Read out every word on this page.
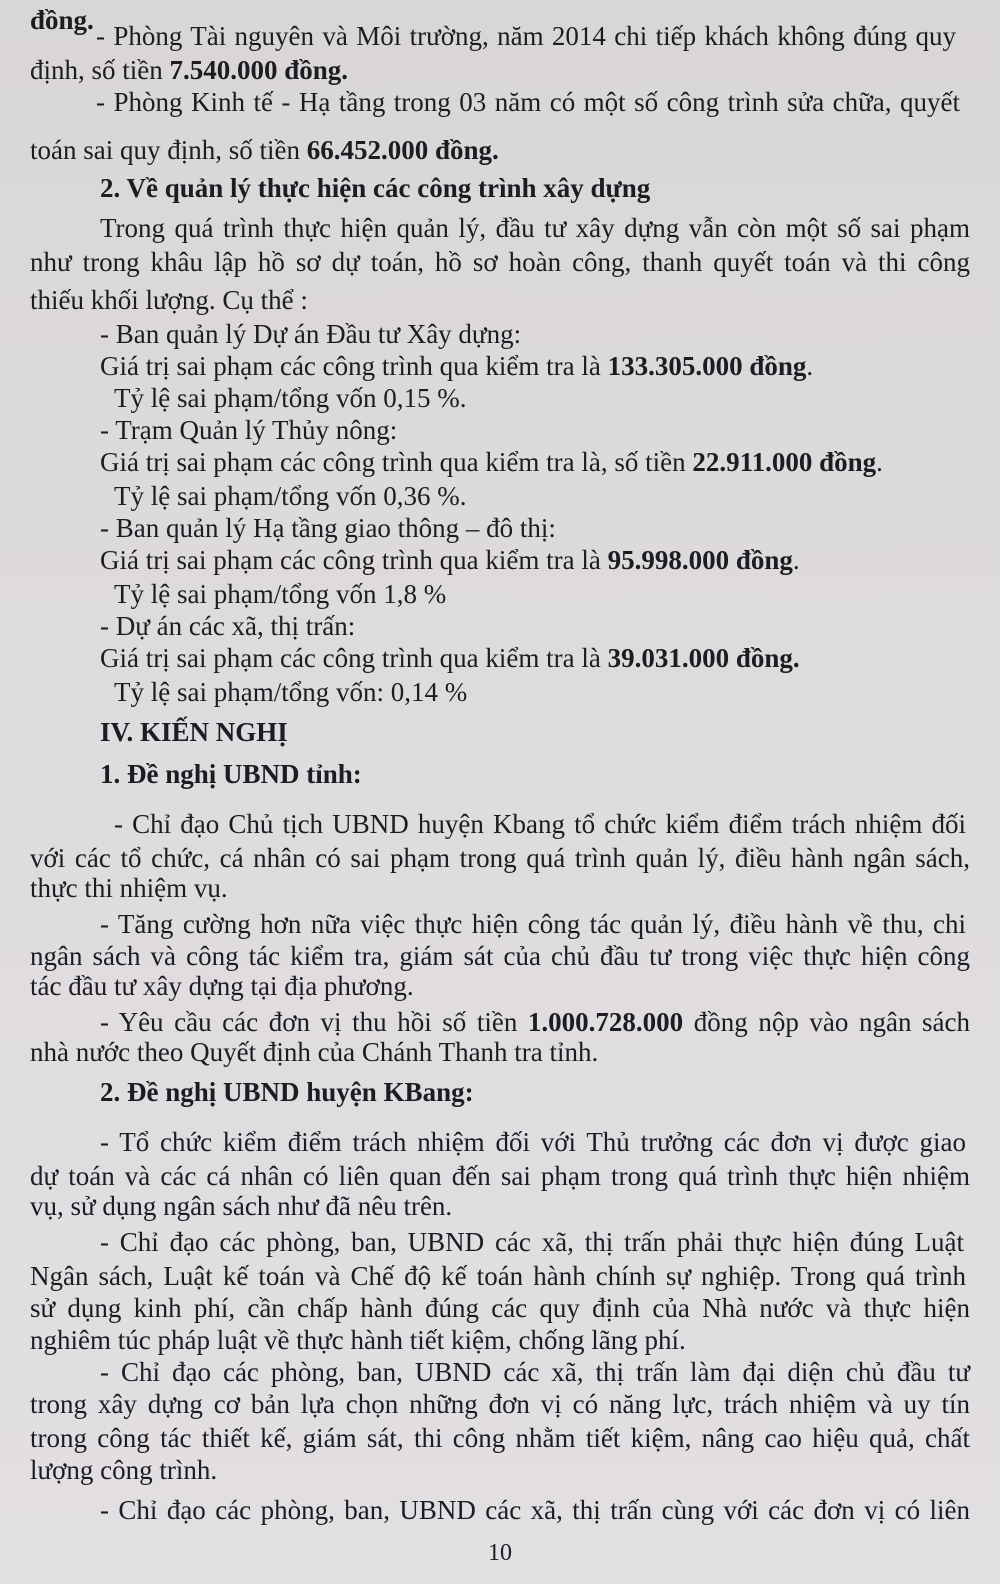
đồng.
- Phòng Tài nguyên và Môi trường, năm 2014 chi tiếp khách không đúng quy
định, số tiền 7.540.000 đồng.
- Phòng Kinh tế - Hạ tầng trong 03 năm có một số công trình sửa chữa, quyết
toán sai quy định, số tiền 66.452.000 đồng.
2. Về quản lý thực hiện các công trình xây dựng
Trong quá trình thực hiện quản lý, đầu tư xây dựng vẫn còn một số sai phạm
như trong khâu lập hồ sơ dự toán, hồ sơ hoàn công, thanh quyết toán và thi công
thiếu khối lượng. Cụ thể :
- Ban quản lý Dự án Đầu tư Xây dựng:
Giá trị sai phạm các công trình qua kiểm tra là 133.305.000 đồng.
Tỷ lệ sai phạm/tổng vốn 0,15 %.
- Trạm Quản lý Thủy nông:
Giá trị sai phạm các công trình qua kiểm tra là, số tiền 22.911.000 đồng.
Tỷ lệ sai phạm/tổng vốn 0,36 %.
- Ban quản lý Hạ tầng giao thông – đô thị:
Giá trị sai phạm các công trình qua kiểm tra là 95.998.000 đồng.
Tỷ lệ sai phạm/tổng vốn 1,8 %
- Dự án các xã, thị trấn:
Giá trị sai phạm các công trình qua kiểm tra là 39.031.000 đồng.
Tỷ lệ sai phạm/tổng vốn: 0,14 %
IV. KIẾN NGHỊ
1. Đề nghị UBND tỉnh:
- Chỉ đạo Chủ tịch UBND huyện Kbang tổ chức kiểm điểm trách nhiệm đối
với các tổ chức, cá nhân có sai phạm trong quá trình quản lý, điều hành ngân sách,
thực thi nhiệm vụ.
- Tăng cường hơn nữa việc thực hiện công tác quản lý, điều hành về thu, chi
ngân sách và công tác kiểm tra, giám sát của chủ đầu tư trong việc thực hiện công
tác đầu tư xây dựng tại địa phương.
- Yêu cầu các đơn vị thu hồi số tiền 1.000.728.000 đồng nộp vào ngân sách
nhà nước theo Quyết định của Chánh Thanh tra tỉnh.
2. Đề nghị UBND huyện KBang:
- Tổ chức kiểm điểm trách nhiệm đối với Thủ trưởng các đơn vị được giao
dự toán và các cá nhân có liên quan đến sai phạm trong quá trình thực hiện nhiệm
vụ, sử dụng ngân sách như đã nêu trên.
- Chỉ đạo các phòng, ban, UBND các xã, thị trấn phải thực hiện đúng Luật
Ngân sách, Luật kế toán và Chế độ kế toán hành chính sự nghiệp. Trong quá trình
sử dụng kinh phí, cần chấp hành đúng các quy định của Nhà nước và thực hiện
nghiêm túc pháp luật về thực hành tiết kiệm, chống lãng phí.
- Chỉ đạo các phòng, ban, UBND các xã, thị trấn làm đại diện chủ đầu tư
trong xây dựng cơ bản lựa chọn những đơn vị có năng lực, trách nhiệm và uy tín
trong công tác thiết kế, giám sát, thi công nhằm tiết kiệm, nâng cao hiệu quả, chất
lượng công trình.
- Chỉ đạo các phòng, ban, UBND các xã, thị trấn cùng với các đơn vị có liên
10
